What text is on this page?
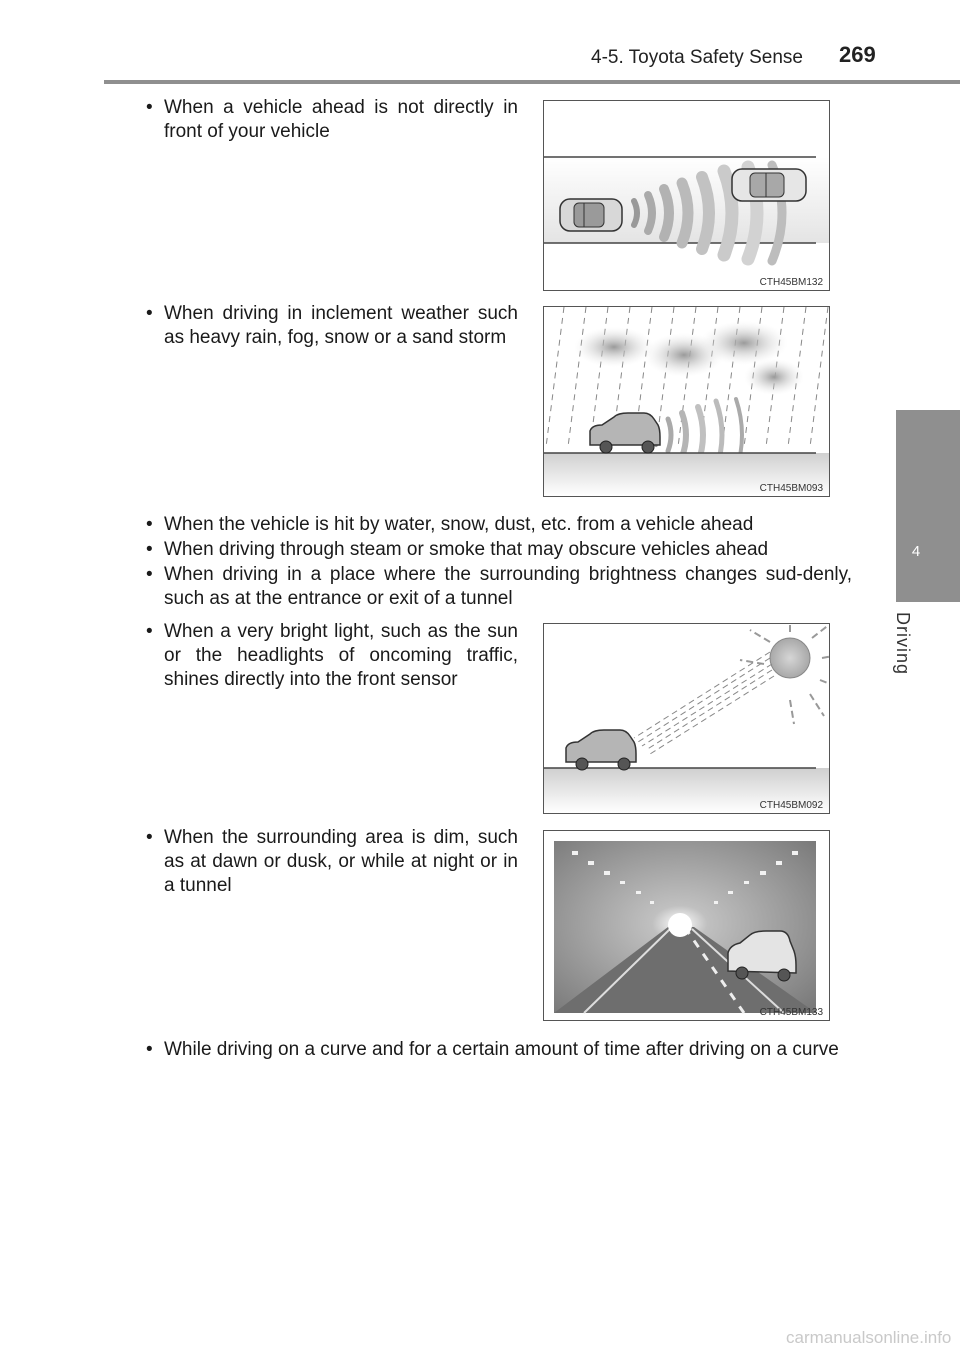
4-5. Toyota Safety Sense 269
4
Driving
• When a vehicle ahead is not directly in front of your vehicle
CTH45BM132
• When driving in inclement weather such as heavy rain, fog, snow or a sand storm
CTH45BM093
• When the vehicle is hit by water, snow, dust, etc. from a vehicle ahead
• When driving through steam or smoke that may obscure vehicles ahead
• When driving in a place where the surrounding brightness changes sud-denly, such as at the entrance or exit of a tunnel
• When a very bright light, such as the sun or the headlights of oncoming traffic, shines directly into the front sensor
CTH45BM092
• When the surrounding area is dim, such as at dawn or dusk, or while at night or in a tunnel
CTH45BM133
• While driving on a curve and for a certain amount of time after driving on a curve
carmanualsonline.info
